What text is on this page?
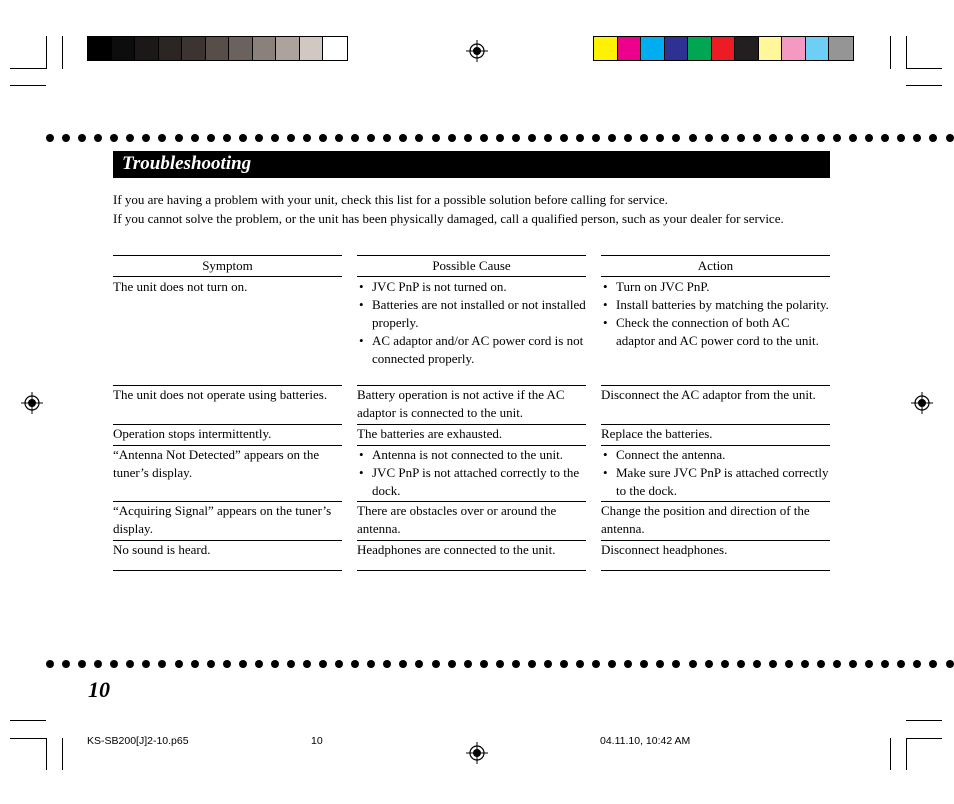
Troubleshooting
If you are having a problem with your unit, check this list for a possible solution before calling for service.
If you cannot solve the problem, or the unit has been physically damaged, call a qualified person, such as your dealer for service.
Symptom
The unit does not turn on.
The unit does not operate using batteries.
Operation stops intermittently.
“Antenna Not Detected” appears on the tuner’s display.
“Acquiring Signal” appears on the tuner’s display.
No sound is heard.
Possible Cause
• JVC PnP is not turned on.
• Batteries are not installed or not installed properly.
• AC adaptor and/or AC power cord is not connected properly.
Battery operation is not active if the AC adaptor is connected to the unit.
The batteries are exhausted.
• Antenna is not connected to the unit.
• JVC PnP is not attached correctly to the dock.
There are obstacles over or around the antenna.
Headphones are connected to the unit.
Action
• Turn on JVC PnP.
• Install batteries by matching the polarity.
• Check the connection of both AC adaptor and AC power cord to the unit.
Disconnect the AC adaptor from the unit.
Replace the batteries.
• Connect the antenna.
• Make sure JVC PnP is attached correctly to the dock.
Change the position and direction of the antenna.
Disconnect headphones.
10
KS-SB200[J]2-10.p65	10	04.11.10, 10:42 AM
